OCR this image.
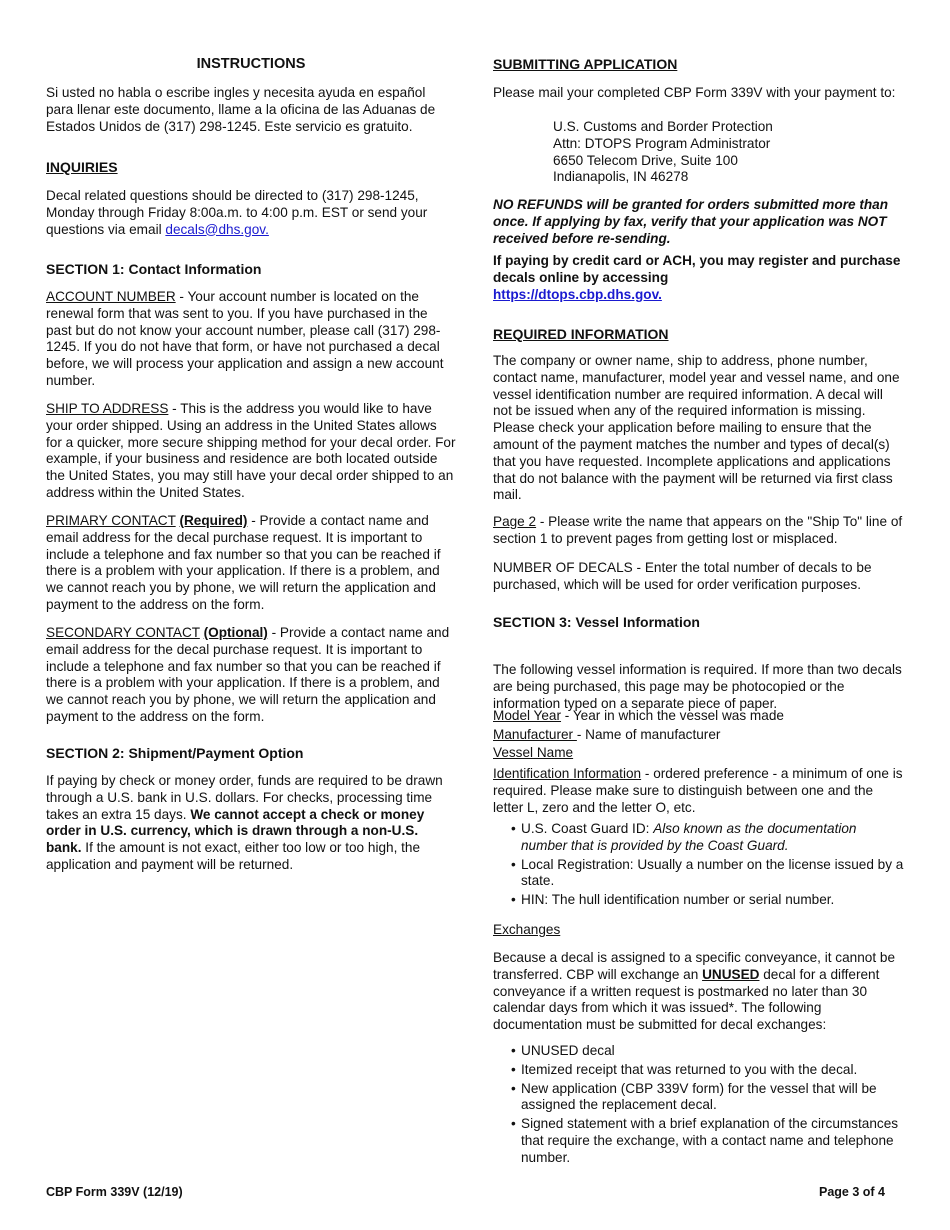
INSTRUCTIONS

Si usted no habla o escribe ingles y necesita ayuda en español para llenar este documento, llame a la oficina de las Aduanas de Estados Unidos de (317) 298-1245. Este servicio es gratuito.

INQUIRIES

Decal related questions should be directed to (317) 298-1245, Monday through Friday 8:00a.m. to 4:00 p.m. EST or send your questions via email decals@dhs.gov.

SECTION 1: Contact Information

ACCOUNT NUMBER - Your account number is located on the renewal form that was sent to you. If you have purchased in the past but do not know your account number, please call (317) 298-1245. If you do not have that form, or have not purchased a decal before, we will process your application and assign a new account number.

SHIP TO ADDRESS - This is the address you would like to have your order shipped. Using an address in the United States allows for a quicker, more secure shipping method for your decal order. For example, if your business and residence are both located outside the United States, you may still have your decal order shipped to an address within the United States.

PRIMARY CONTACT (Required) - Provide a contact name and email address for the decal purchase request. It is important to include a telephone and fax number so that you can be reached if there is a problem with your application. If there is a problem, and we cannot reach you by phone, we will return the application and payment to the address on the form.

SECONDARY CONTACT (Optional) - Provide a contact name and email address for the decal purchase request. It is important to include a telephone and fax number so that you can be reached if there is a problem with your application. If there is a problem, and we cannot reach you by phone, we will return the application and payment to the address on the form.

SECTION 2: Shipment/Payment Option

If paying by check or money order, funds are required to be drawn through a U.S. bank in U.S. dollars. For checks, processing time takes an extra 15 days. We cannot accept a check or money order in U.S. currency, which is drawn through a non-U.S. bank. If the amount is not exact, either too low or too high, the application and payment will be returned.

SUBMITTING APPLICATION

Please mail your completed CBP Form 339V with your payment to:

U.S. Customs and Border Protection
Attn: DTOPS Program Administrator
6650 Telecom Drive, Suite 100
Indianapolis, IN 46278

NO REFUNDS will be granted for orders submitted more than once. If applying by fax, verify that your application was NOT received before re-sending.

If paying by credit card or ACH, you may register and purchase decals online by accessing
https://dtops.cbp.dhs.gov.

REQUIRED INFORMATION

The company or owner name, ship to address, phone number, contact name, manufacturer, model year and vessel name, and one vessel identification number are required information. A decal will not be issued when any of the required information is missing. Please check your application before mailing to ensure that the amount of the payment matches the number and types of decal(s) that you have requested. Incomplete applications and applications that do not balance with the payment will be returned via first class mail.

Page 2 - Please write the name that appears on the "Ship To" line of section 1 to prevent pages from getting lost or misplaced.

NUMBER OF DECALS - Enter the total number of decals to be purchased, which will be used for order verification purposes.

SECTION 3: Vessel Information

The following vessel information is required. If more than two decals are being purchased, this page may be photocopied or the information typed on a separate piece of paper.

Model Year - Year in which the vessel was made

Manufacturer - Name of manufacturer

Vessel Name

Identification Information - ordered preference - a minimum of one is required. Please make sure to distinguish between one and the letter L, zero and the letter O, etc.

• U.S. Coast Guard ID: Also known as the documentation number that is provided by the Coast Guard.
• Local Registration: Usually a number on the license issued by a state.
• HIN: The hull identification number or serial number.
Exchanges

Because a decal is assigned to a specific conveyance, it cannot be transferred. CBP will exchange an UNUSED decal for a different conveyance if a written request is postmarked no later than 30 calendar days from which it was issued*. The following documentation must be submitted for decal exchanges:

• UNUSED decal
• Itemized receipt that was returned to you with the decal.
• New application (CBP 339V form) for the vessel that will be assigned the replacement decal.
• Signed statement with a brief explanation of the circumstances that require the exchange, with a contact name and telephone number.
CBP Form 339V (12/19)	Page 3 of 4
